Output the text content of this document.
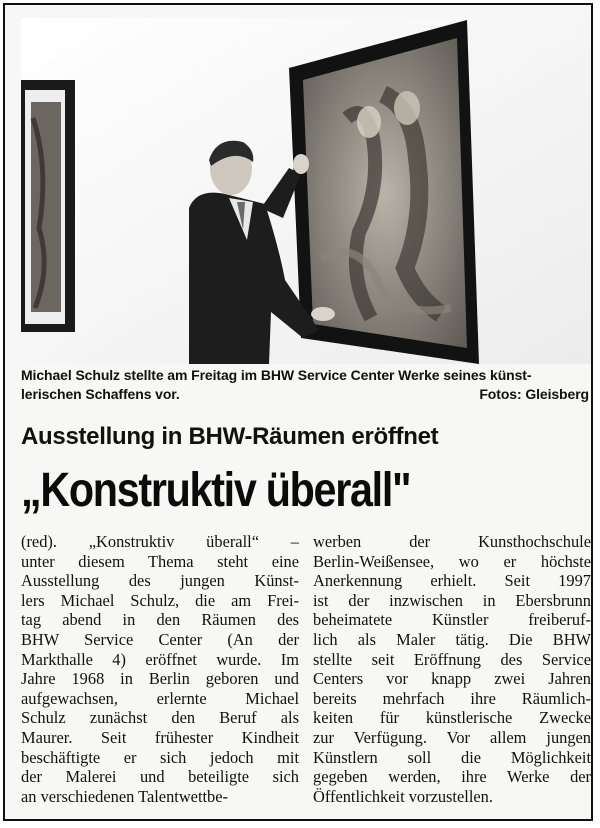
Michael Schulz stellte am Freitag im BHW Service Center Werke seines künst-
lerischen Schaffens vor.	Fotos: Gleisberg
Ausstellung in BHW-Räumen eröffnet
„Konstruktiv überall"
(red). „Konstruktiv überall“ –
unter diesem Thema steht eine
Ausstellung des jungen Künst-
lers Michael Schulz, die am Frei-
tag abend in den Räumen des
BHW Service Center (An der
Markthalle 4) eröffnet wurde. Im
Jahre 1968 in Berlin geboren und
aufgewachsen, erlernte Michael
Schulz zunächst den Beruf als
Maurer. Seit frühester Kindheit
beschäftigte er sich jedoch mit
der Malerei und beteiligte sich
an verschiedenen Talentwettbe-
werben der Kunsthochschule
Berlin-Weißensee, wo er höchste
Anerkennung erhielt. Seit 1997
ist der inzwischen in Ebersbrunn
beheimatete Künstler freiberuf-
lich als Maler tätig. Die BHW
stellte seit Eröffnung des Service
Centers vor knapp zwei Jahren
bereits mehrfach ihre Räumlich-
keiten für künstlerische Zwecke
zur Verfügung. Vor allem jungen
Künstlern soll die Möglichkeit
gegeben werden, ihre Werke der
Öffentlichkeit vorzustellen.
